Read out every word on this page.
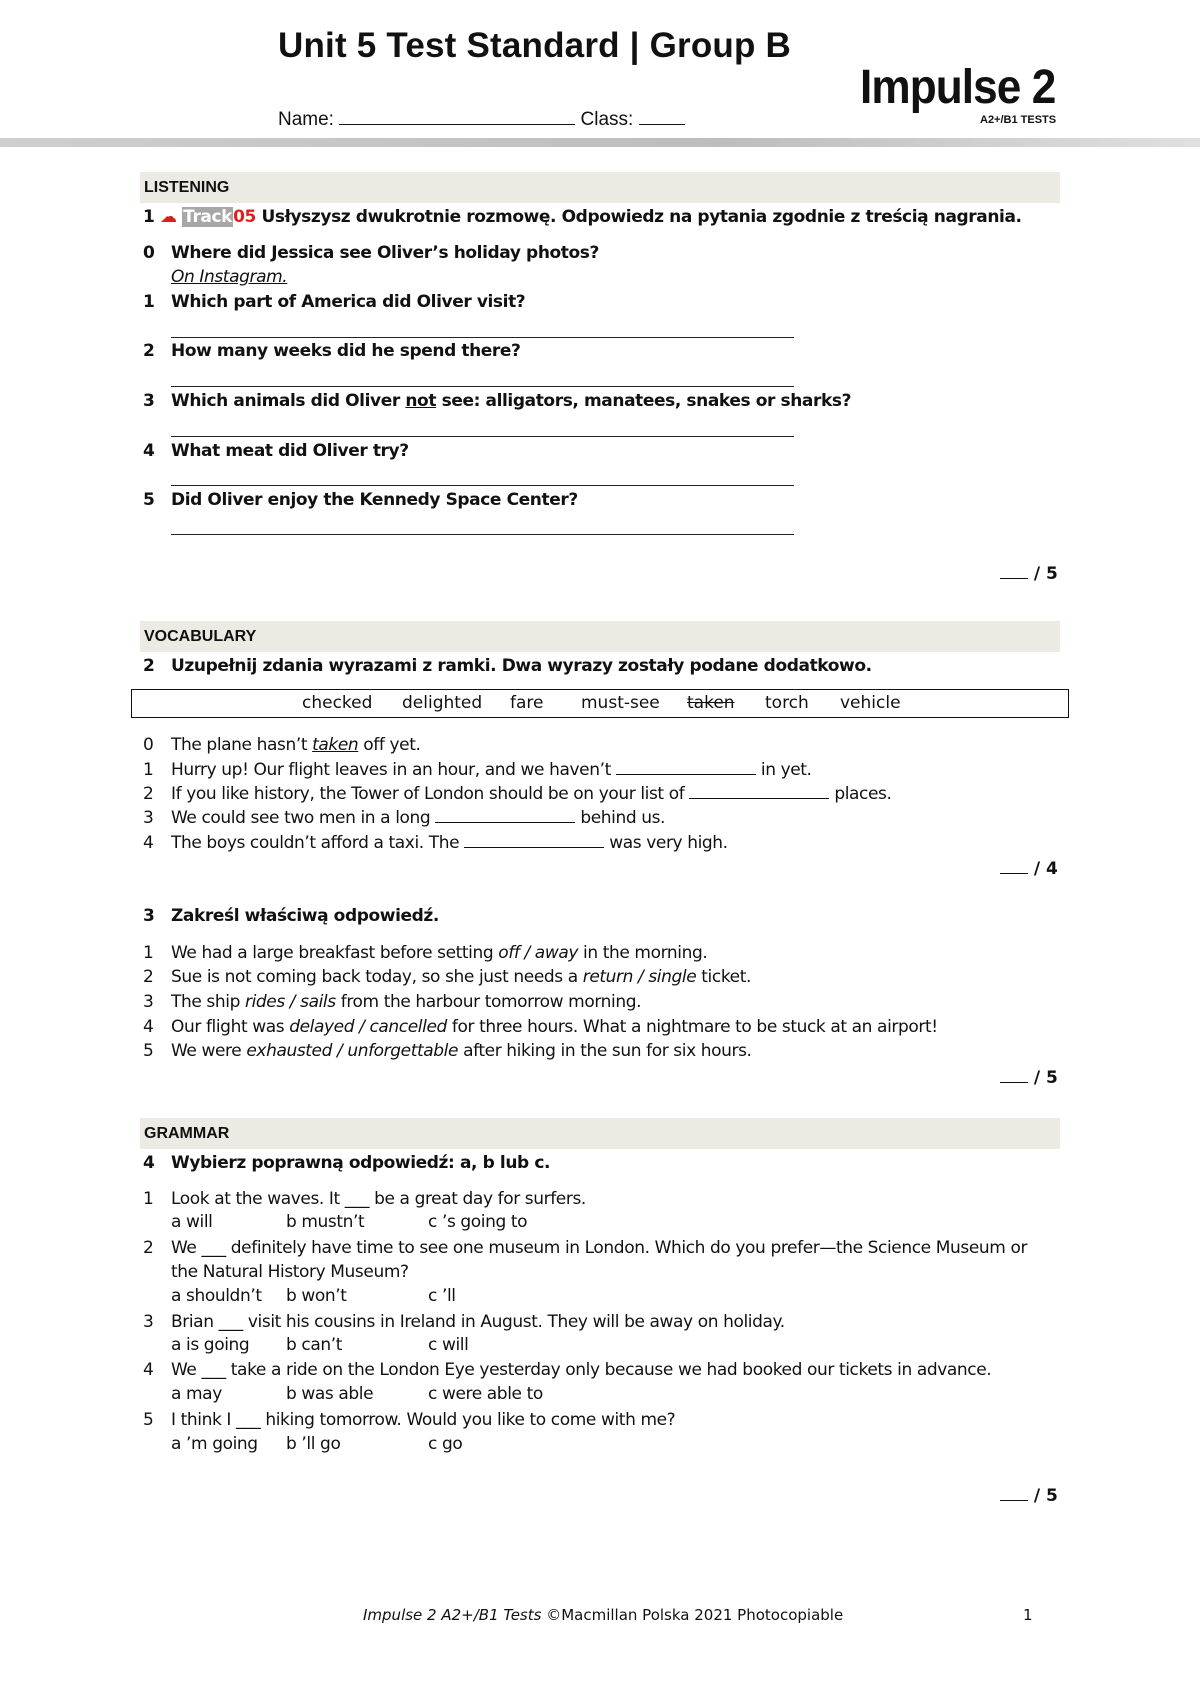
Unit 5 Test Standard | Group B
Name:	Class:
Impulse 2
A2+/B1 TESTS
LISTENING
1 ☁ Track05 Usłyszysz dwukrotnie rozmowę. Odpowiedz na pytania zgodnie z treścią nagrania.
0 Where did Jessica see Oliver’s holiday photos?
On Instagram.
1 Which part of America did Oliver visit?
2 How many weeks did he spend there?
3 Which animals did Oliver not see: alligators, manatees, snakes or sharks?
4 What meat did Oliver try?
5 Did Oliver enjoy the Kennedy Space Center?
/ 5
VOCABULARY
2 Uzupełnij zdania wyrazami z ramki. Dwa wyrazy zostały podane dodatkowo.
checked delighted fare must-see taken torch vehicle
0 The plane hasn’t taken off yet.
1 Hurry up! Our flight leaves in an hour, and we haven’t	in yet.
2 If you like history, the Tower of London should be on your list of	places.
3 We could see two men in a long	behind us.
4 The boys couldn’t afford a taxi. The	was very high.
/ 4
3 Zakreśl właściwą odpowiedź.
1 We had a large breakfast before setting off / away in the morning.
2 Sue is not coming back today, so she just needs a return / single ticket.
3 The ship rides / sails from the harbour tomorrow morning.
4 Our flight was delayed / cancelled for three hours. What a nightmare to be stuck at an airport!
5 We were exhausted / unforgettable after hiking in the sun for six hours.
/ 5
GRAMMAR
4 Wybierz poprawną odpowiedź: a, b lub c.
1 Look at the waves. It ___ be a great day for surfers.
a will	b mustn’t	c ’s going to
2 We ___ definitely have time to see one museum in London. Which do you prefer—the Science Museum or
the Natural History Museum?
a shouldn’t b won’t	c ’ll
3 Brian ___ visit his cousins in Ireland in August. They will be away on holiday.
a is going b can’t	c will
4 We ___ take a ride on the London Eye yesterday only because we had booked our tickets in advance.
a may	b was able	c were able to
5 I think I ___ hiking tomorrow. Would you like to come with me?
a ’m going b ’ll go	c go
/ 5
Impulse 2 A2+/B1 Tests ©Macmillan Polska 2021 Photocopiable	1
